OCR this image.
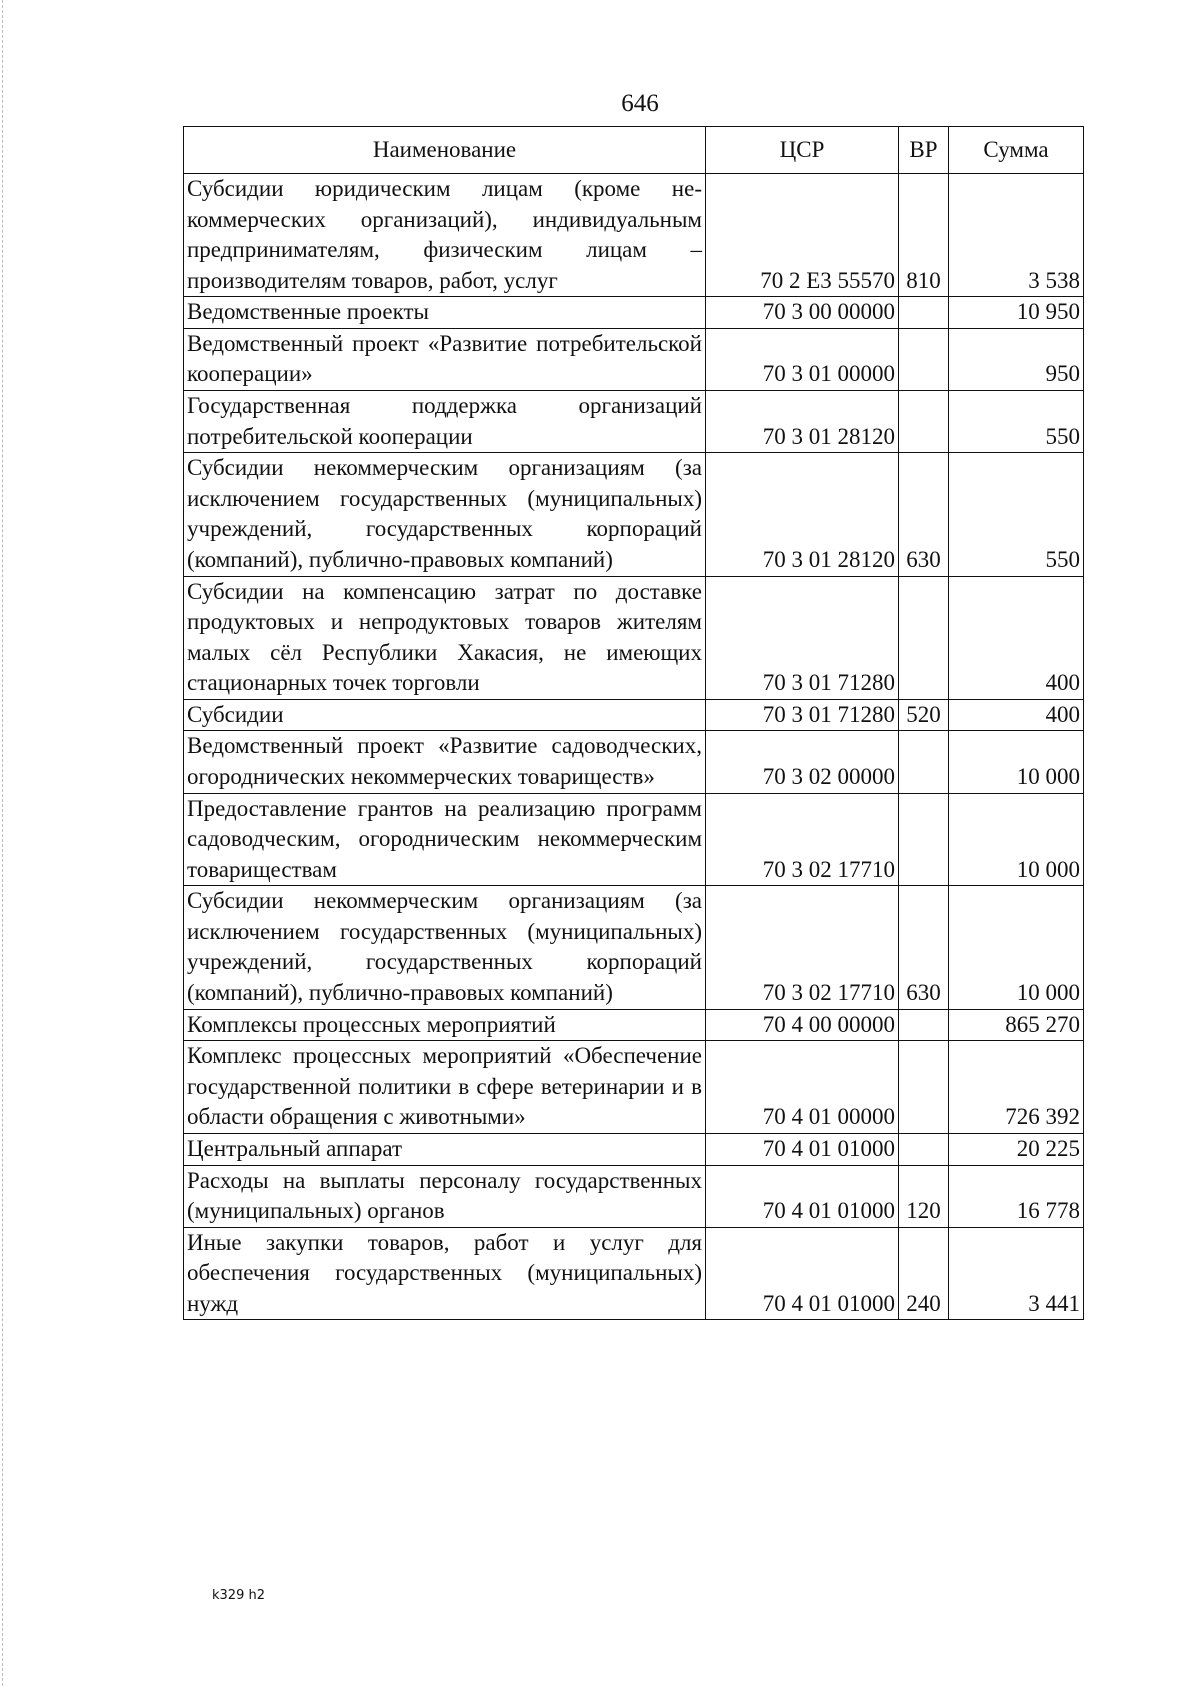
646
Наименование	ЦСР	ВР	Сумма
Субсидии юридическим лицам (кроме некоммерческих организаций), индивидуальным предпринимателям, физическим лицам – производителям товаров, работ, услуг	70 2 Е3 55570	810	3 538
Ведомственные проекты	70 3 00 00000		10 950
Ведомственный проект «Развитие потребительской кооперации»	70 3 01 00000		950
Государственная поддержка организаций потребительской кооперации	70 3 01 28120		550
Субсидии некоммерческим организациям (за исключением государственных (муниципальных) учреждений, государственных корпораций (компаний), публично-правовых компаний)	70 3 01 28120	630	550
Субсидии на компенсацию затрат по доставке продуктовых и непродуктовых товаров жителям малых сёл Республики Хакасия, не имеющих стационарных точек торговли	70 3 01 71280		400
Субсидии	70 3 01 71280	520	400
Ведомственный проект «Развитие садоводческих, огороднических некоммерческих товариществ»	70 3 02 00000		10 000
Предоставление грантов на реализацию программ садоводческим, огородническим некоммерческим товариществам	70 3 02 17710		10 000
Субсидии некоммерческим организациям (за исключением государственных (муниципальных) учреждений, государственных корпораций (компаний), публично-правовых компаний)	70 3 02 17710	630	10 000
Комплексы процессных мероприятий	70 4 00 00000		865 270
Комплекс процессных мероприятий «Обеспечение государственной политики в сфере ветеринарии и в области обращения с животными»	70 4 01 00000		726 392
Центральный аппарат	70 4 01 01000		20 225
Расходы на выплаты персоналу государственных (муниципальных) органов	70 4 01 01000	120	16 778
Иные закупки товаров, работ и услуг для обеспечения государственных (муниципальных) нужд	70 4 01 01000	240	3 441
k329 h2
